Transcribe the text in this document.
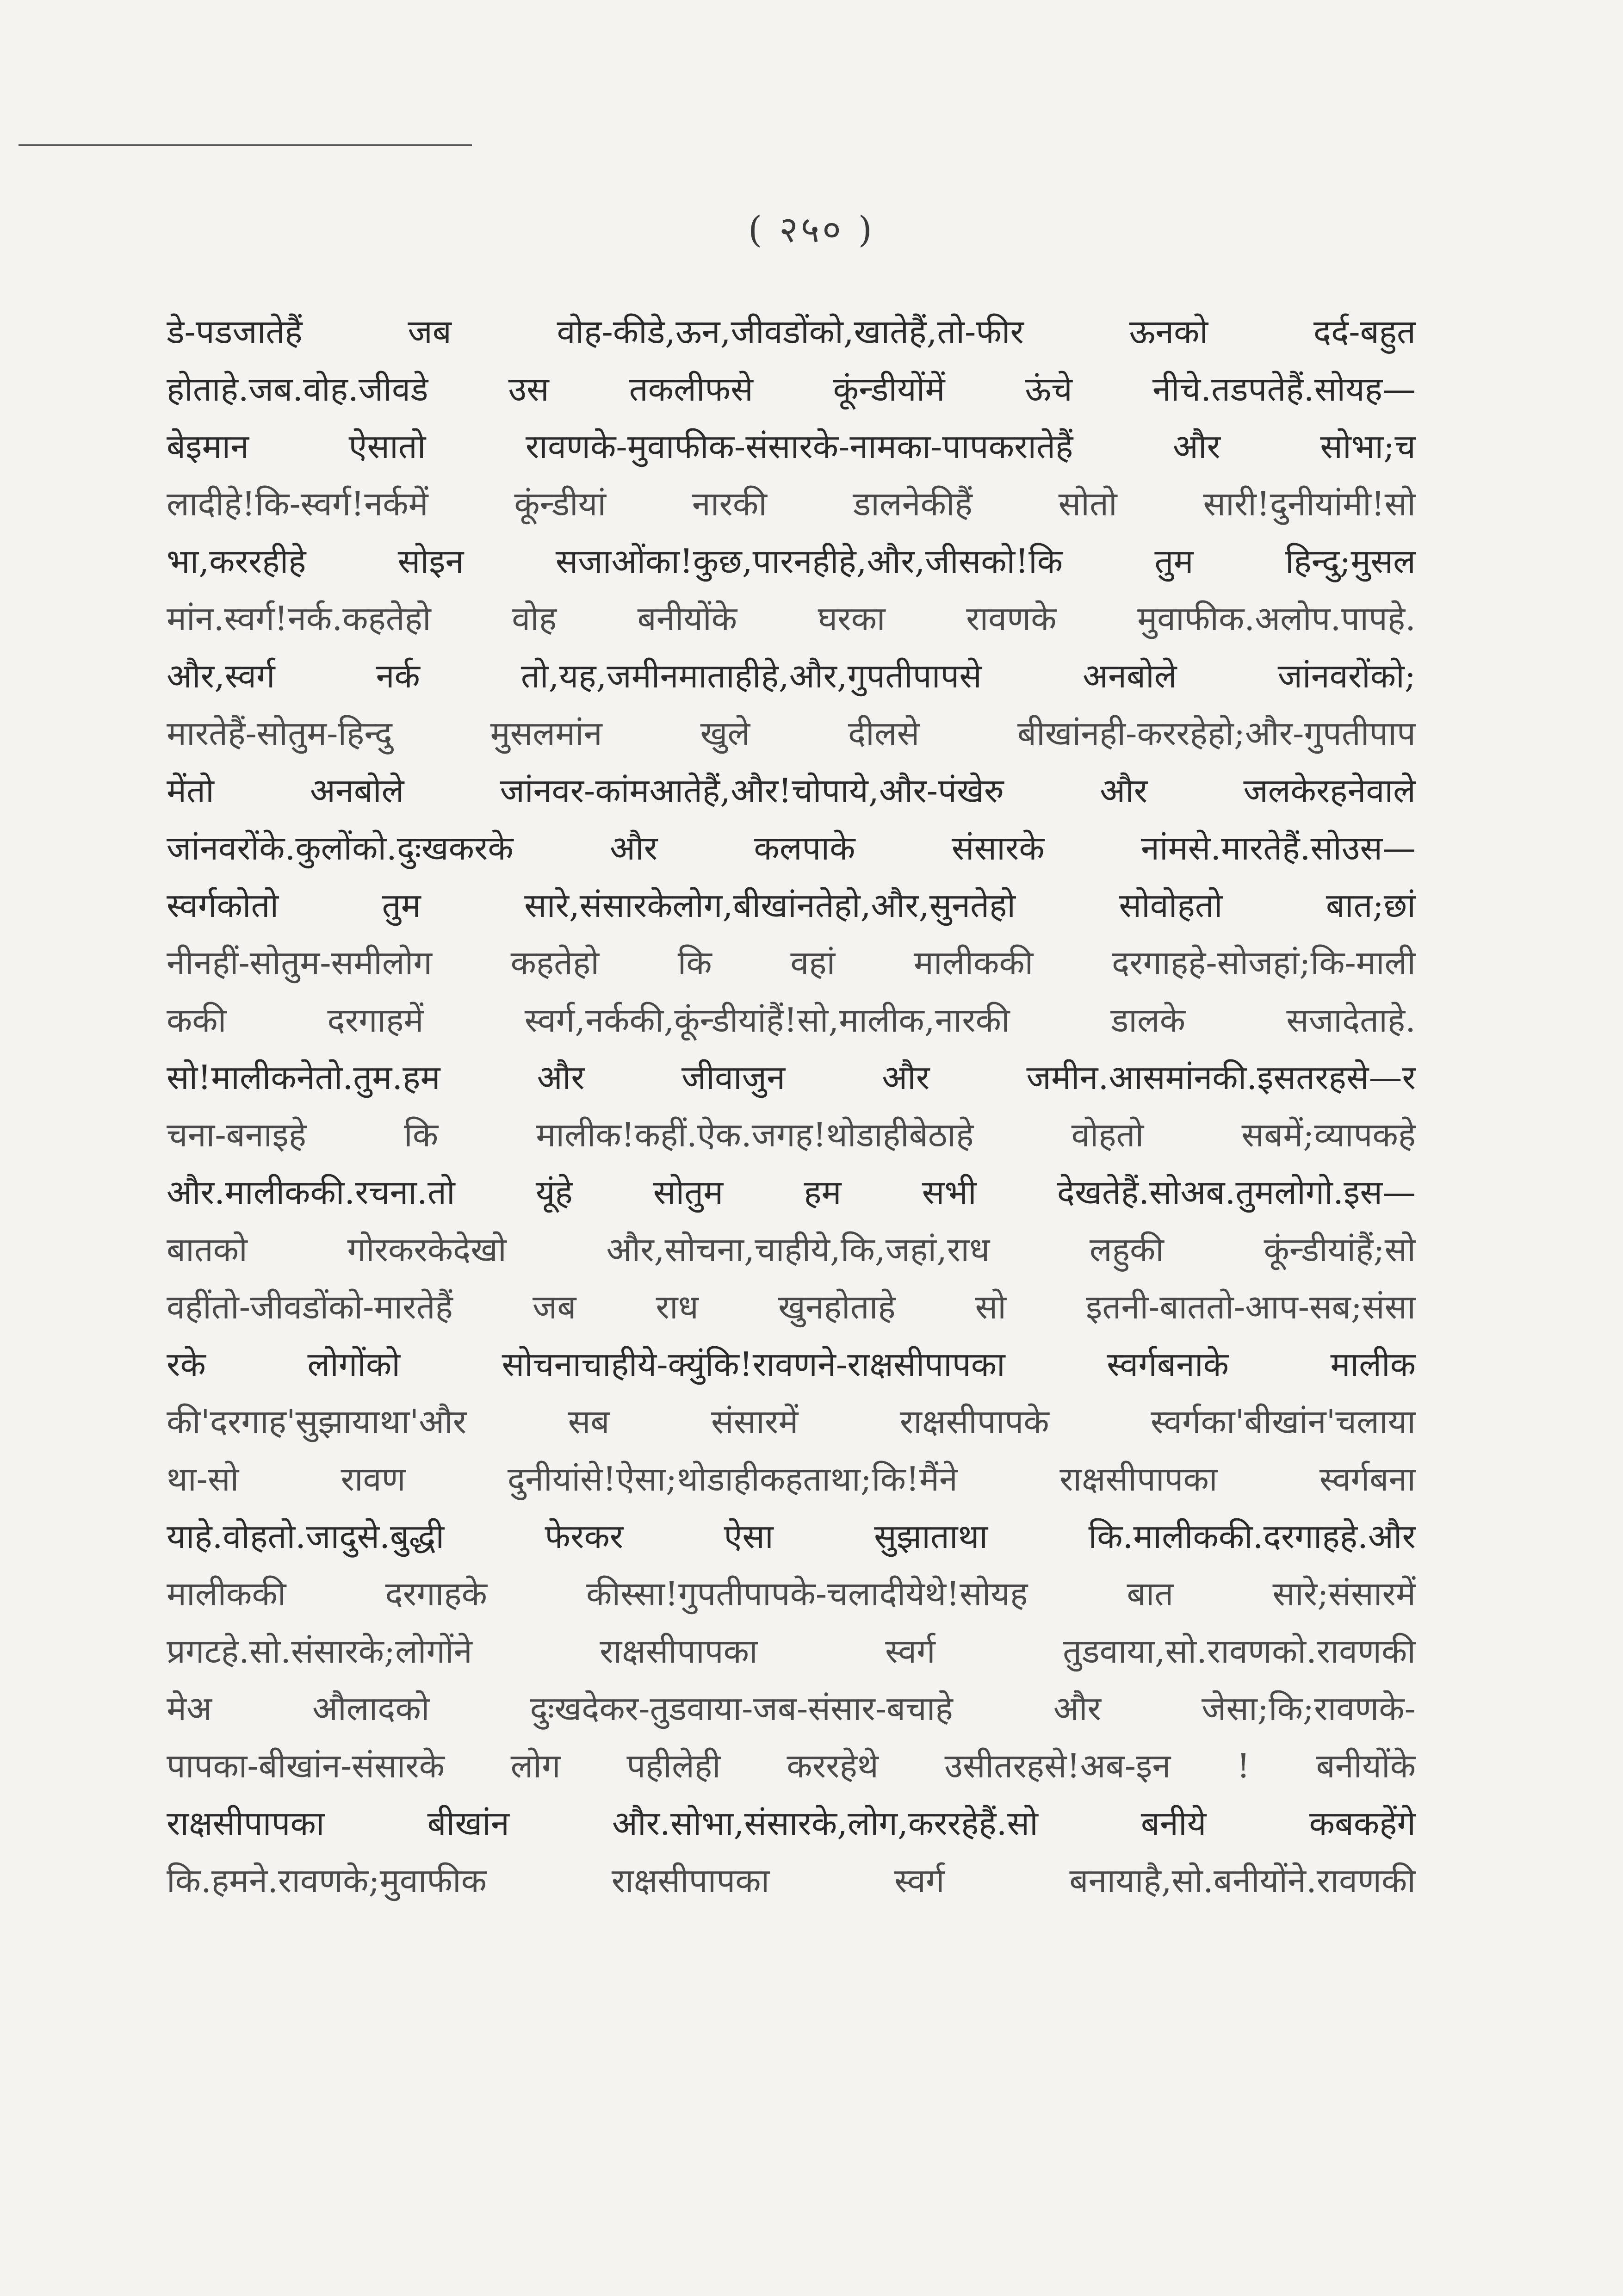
( २५० )
डे-पडजातेहैं जब वोह-कीडे,ऊन,जीवडोंको,खातेहैं,तो-फीर ऊनको दर्द-बहुत
होताहे.जब.वोह.जीवडे उस तकलीफसे कूंन्डीयोंमें ऊंचे नीचे.तडपतेहैं.सोयह—
बेइमान ऐसातो रावणके-मुवाफीक-संसारके-नामका-पापकरातेहैं और सोभा;च
लादीहे!कि-स्वर्ग!नर्कमें कूंन्डीयां नारकी डालनेकीहैं सोतो सारी!दुनीयांमी!सो
भा,कररहीहे सोइन सजाओंका!कुछ,पारनहीहे,और,जीसको!कि तुम हिन्दु;मुसल
मांन.स्वर्ग!नर्क.कहतेहो वोह बनीयोंके घरका रावणके मुवाफीक.अलोप.पापहे.
और,स्वर्ग नर्क तो,यह,जमीनमाताहीहे,और,गुपतीपापसे अनबोले जांनवरोंको;
मारतेहैं-सोतुम-हिन्दु मुसलमांन खुले दीलसे बीखांनही-कररहेहो;और-गुपतीपाप
मेंतो अनबोले जांनवर-कांमआतेहैं,और!चोपाये,और-पंखेरु और जलकेरहनेवाले
जांनवरोंके.कुलोंको.दुःखकरके और कलपाके संसारके नांमसे.मारतेहैं.सोउस—
स्वर्गकोतो तुम सारे,संसारकेलोग,बीखांनतेहो,और,सुनतेहो सोवोहतो बात;छां
नीनहीं-सोतुम-समीलोग कहतेहो कि वहां मालीककी दरगाहहे-सोजहां;कि-माली
ककी दरगाहमें स्वर्ग,नर्ककी,कूंन्डीयांहैं!सो,मालीक,नारकी डालके सजादेताहे.
सो!मालीकनेतो.तुम.हम और जीवाजुन और जमीन.आसमांनकी.इसतरहसे—र
चना-बनाइहे कि मालीक!कहीं.ऐक.जगह!थोडाहीबेठाहे वोहतो सबमें;व्यापकहे
और.मालीककी.रचना.तो यूंहे सोतुम हम सभी देखतेहैं.सोअब.तुमलोगो.इस—
बातको गोरकरकेदेखो और,सोचना,चाहीये,कि,जहां,राध लहुकी कूंन्डीयांहैं;सो
वहींतो-जीवडोंको-मारतेहैं जब राध खुनहोताहे सो इतनी-बाततो-आप-सब;संसा
रके लोगोंको सोचनाचाहीये-क्युंकि!रावणने-राक्षसीपापका स्वर्गबनाके मालीक
की'दरगाह'सुझायाथा'और सब संसारमें राक्षसीपापके स्वर्गका'बीखांन'चलाया
था-सो रावण दुनीयांसे!ऐसा;थोडाहीकहताथा;कि!मैंने राक्षसीपापका स्वर्गबना
याहे.वोहतो.जादुसे.बुद्धी फेरकर ऐसा सुझाताथा कि.मालीककी.दरगाहहे.और
मालीककी दरगाहके कीस्सा!गुपतीपापके-चलादीयेथे!सोयह बात सारे;संसारमें
प्रगटहे.सो.संसारके;लोगोंने राक्षसीपापका स्वर्ग तुडवाया,सो.रावणको.रावणकी
मेअ औलादको दुःखदेकर-तुडवाया-जब-संसार-बचाहे और जेसा;कि;रावणके-
पापका-बीखांन-संसारके लोग पहीलेही कररहेथे उसीतरहसे!अब-इन ! बनीयोंके
राक्षसीपापका बीखांन और.सोभा,संसारके,लोग,कररहेहैं.सो बनीये कबकहेंगे
कि.हमने.रावणके;मुवाफीक राक्षसीपापका स्वर्ग बनायाहै,सो.बनीयोंने.रावणकी
